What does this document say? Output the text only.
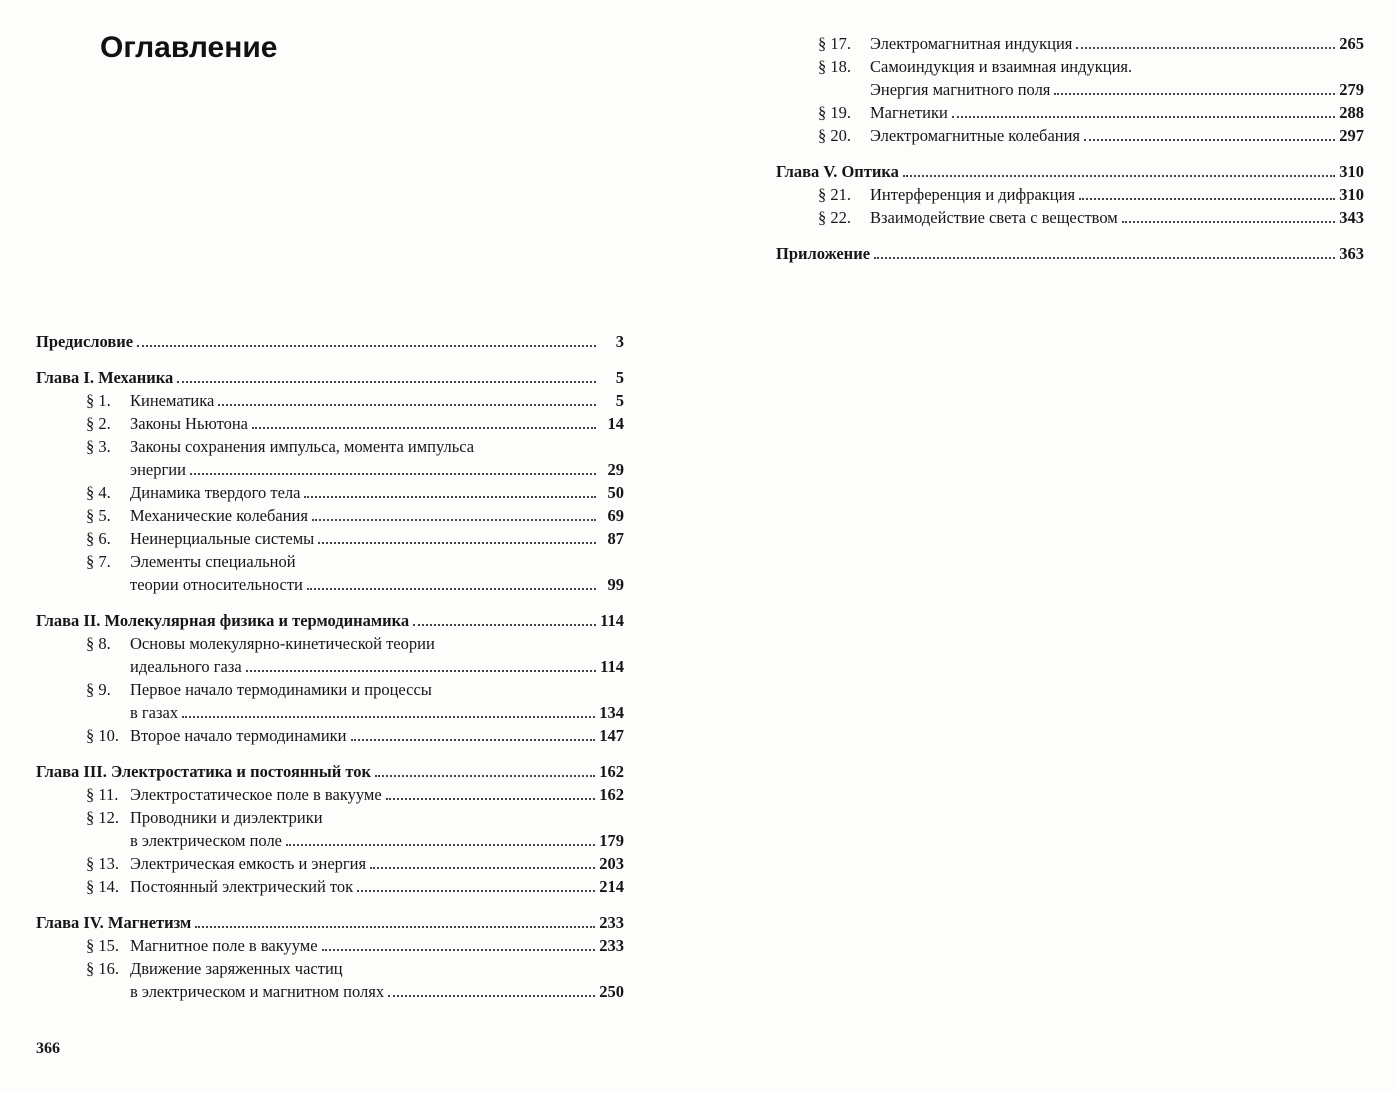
Оглавление
Предисловие	3
Глава I. Механика	5
§ 1.	Кинематика	5
§ 2.	Законы Ньютона	14
§ 3.	Законы сохранения импульса, момента импульса
энергии	29
§ 4.	Динамика твердого тела	50
§ 5.	Механические колебания	69
§ 6.	Неинерциальные системы	87
§ 7.	Элементы специальной
теории относительности	99
Глава II. Молекулярная физика и термодинамика	114
§ 8.	Основы молекулярно-кинетической теории
идеального газа	114
§ 9.	Первое начало термодинамики и процессы
в газах	134
§ 10. Второе начало термодинамики	147
Глава III. Электростатика и постоянный ток	162
§ 11. Электростатическое поле в вакууме	162
§ 12. Проводники и диэлектрики
в электрическом поле	179
§ 13. Электрическая емкость и энергия	203
§ 14. Постоянный электрический ток	214
Глава IV. Магнетизм	233
§ 15. Магнитное поле в вакууме	233
§ 16. Движение заряженных частиц
в электрическом и магнитном полях	250
§ 17.	Электромагнитная индукция	265
§ 18.	Самоиндукция и взаимная индукция.
Энергия магнитного поля	279
§ 19.	Магнетики	288
§ 20.	Электромагнитные колебания	297
Глава V. Оптика	310
§ 21.	Интерференция и дифракция	310
§ 22.	Взаимодействие света с веществом	343
Приложение	363
366
